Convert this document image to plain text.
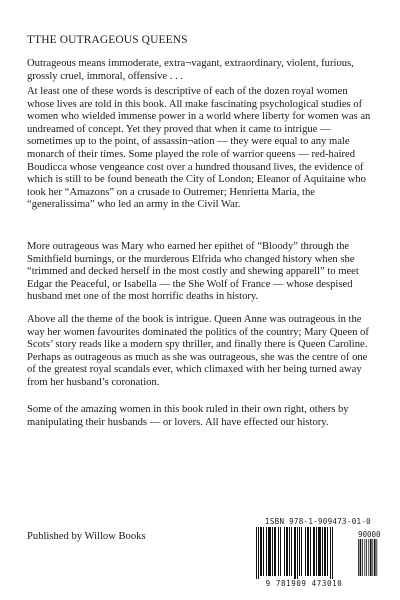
TTHE OUTRAGEOUS QUEENS

Outrageous means immoderate, extra¬vagant, extraordinary, violent, furious, grossly cruel, immoral, offensive . . .

At least one of these words is descriptive of each of the dozen royal women whose lives are told in this book. All make fascinating psychological studies of women who wielded immense power in a world where liberty for women was an undreamed of concept. Yet they proved that when it came to intrigue — sometimes up to the point, of assassin¬ation — they were equal to any male monarch of their times. Some played the role of warrior queens — red-haired Boudicca whose vengeance cost over a hundred thousand lives, the evidence of which is still to be found beneath the City of London; Eleanor of Aquitaine who took her “Amazons” on a crusade to Outremer; Henrietta Maria, the “generalissima” who led an army in the Civil War.

More outrageous was Mary who earned her epithet of “Bloody” through the Smithfield burnings, or the murderous Elfrida who changed history when she “trimmed and decked herself in the most costly and shewing apparell” to meet Edgar the Peaceful, or Isabella — the She Wolf of France — whose despised husband met one of the most horrific deaths in history.

Above all the theme of the book is intrigue. Queen Anne was outrageous in the way her women favourites dominated the politics of the country; Mary Queen of Scots’ story reads like a modern spy thriller, and finally there is Queen Caroline. Perhaps as outrageous as much as she was outrageous, she was the centre of one of the greatest royal scandals ever, which climaxed with her being turned away from her husband’s coronation.

Some of the amazing women in this book ruled in their own right, others by manipulating their husbands — or lovers. All have effected our history.

Published by Willow Books

ISBN 978-1-909473-01-0
90000
9 781909 473010
